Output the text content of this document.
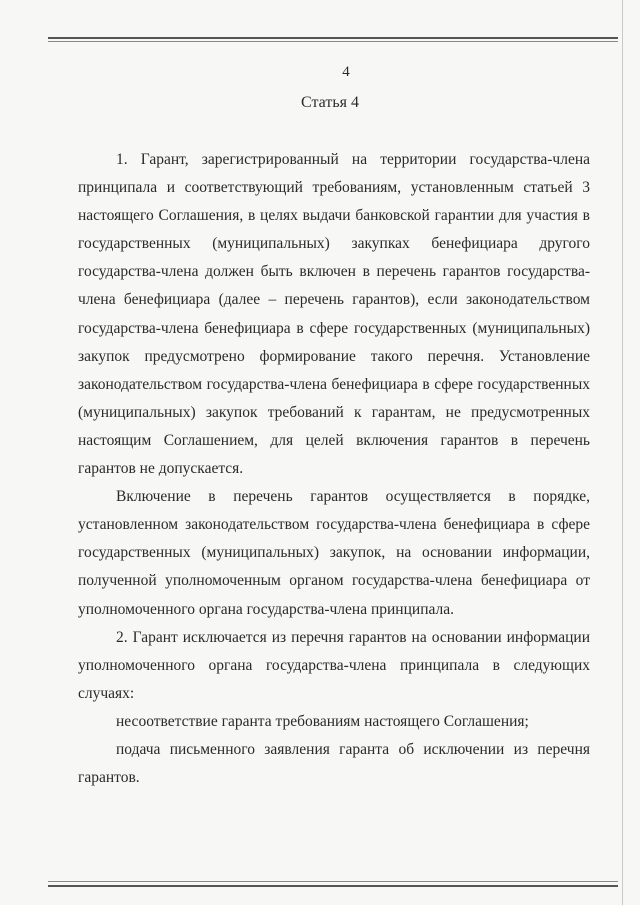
4
Статья 4

1. Гарант, зарегистрированный на территории государства-члена принципала и соответствующий требованиям, установленным статьей 3 настоящего Соглашения, в целях выдачи банковской гарантии для участия в государственных (муниципальных) закупках бенефициара другого государства-члена должен быть включен в перечень гарантов государства-члена бенефициара (далее – перечень гарантов), если законодательством государства-члена бенефициара в сфере государственных (муниципальных) закупок предусмотрено формирование такого перечня. Установление законодательством государства-члена бенефициара в сфере государственных (муниципальных) закупок требований к гарантам, не предусмотренных настоящим Соглашением, для целей включения гарантов в перечень гарантов не допускается.

Включение в перечень гарантов осуществляется в порядке, установленном законодательством государства-члена бенефициара в сфере государственных (муниципальных) закупок, на основании информации, полученной уполномоченным органом государства-члена бенефициара от уполномоченного органа государства-члена принципала.

2. Гарант исключается из перечня гарантов на основании информации уполномоченного органа государства-члена принципала в следующих случаях:

несоответствие гаранта требованиям настоящего Соглашения;

подача письменного заявления гаранта об исключении из перечня гарантов.
